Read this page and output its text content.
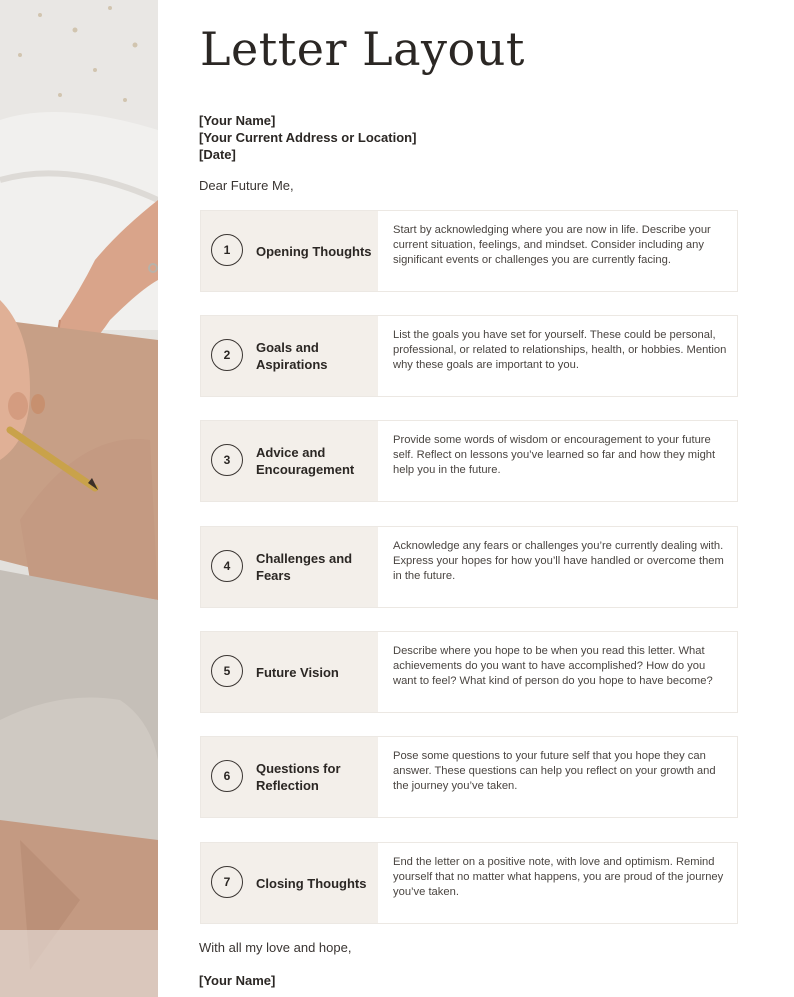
Letter Layout
[Your Name]
[Your Current Address or Location]
[Date]
Dear Future Me,
1	Opening Thoughts
Start by acknowledging where you are now in life. Describe your current situation, feelings, and mindset. Consider including any significant events or challenges you are currently facing.
2	Goals and Aspirations
List the goals you have set for yourself. These could be personal, professional, or related to relationships, health, or hobbies. Mention why these goals are important to you.
3	Advice and Encouragement
Provide some words of wisdom or encouragement to your future self. Reflect on lessons you’ve learned so far and how they might help you in the future.
4	Challenges and Fears
Acknowledge any fears or challenges you’re currently dealing with. Express your hopes for how you’ll have handled or overcome them in the future.
5	Future Vision
Describe where you hope to be when you read this letter. What achievements do you want to have accomplished? How do you want to feel? What kind of person do you hope to have become?
6	Questions for Reflection
Pose some questions to your future self that you hope they can answer. These questions can help you reflect on your growth and the journey you’ve taken.
7	Closing Thoughts
End the letter on a positive note, with love and optimism. Remind yourself that no matter what happens, you are proud of the journey you’ve taken.
With all my love and hope,
[Your Name]
